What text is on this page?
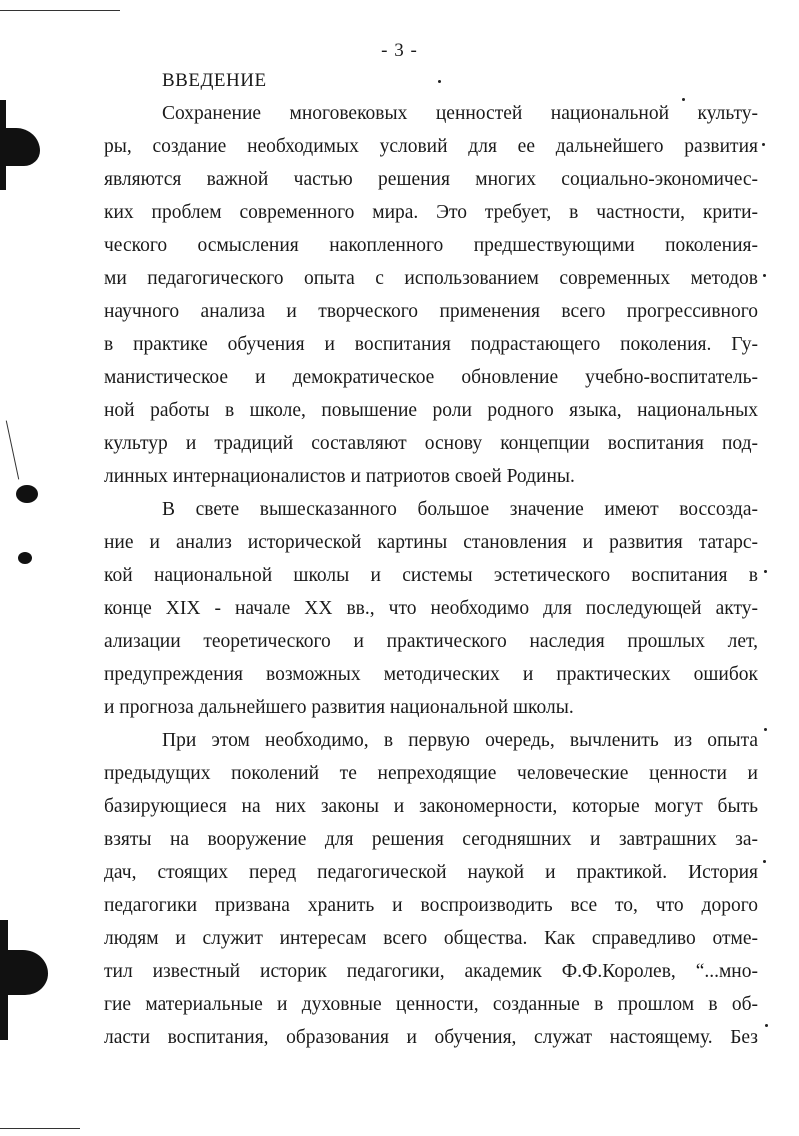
- 3 -
ВВЕДЕНИЕ
Сохранение многовековых ценностей национальной культу-
ры, создание необходимых условий для ее дальнейшего развития
являются важной частью решения многих социально-экономичес-
ких проблем современного мира. Это требует, в частности, крити-
ческого осмысления накопленного предшествующими поколения-
ми педагогического опыта с использованием современных методов
научного анализа и творческого применения всего прогрессивного
в практике обучения и воспитания подрастающего поколения. Гу-
манистическое и демократическое обновление учебно-воспитатель-
ной работы в школе, повышение роли родного языка, национальных
культур и традиций составляют основу концепции воспитания под-
линных интернационалистов и патриотов своей Родины.
В свете вышесказанного большое значение имеют воссозда-
ние и анализ исторической картины становления и развития татарс-
кой национальной школы и системы эстетического воспитания в
конце XIX - начале XX вв., что необходимо для последующей акту-
ализации теоретического и практического наследия прошлых лет,
предупреждения возможных методических и практических ошибок
и прогноза дальнейшего развития национальной школы.
При этом необходимо, в первую очередь, вычленить из опыта
предыдущих поколений те непреходящие человеческие ценности и
базирующиеся на них законы и закономерности, которые могут быть
взяты на вооружение для решения сегодняшних и завтрашних за-
дач, стоящих перед педагогической наукой и практикой. История
педагогики призвана хранить и воспроизводить все то, что дорого
людям и служит интересам всего общества. Как справедливо отме-
тил известный историк педагогики, академик Ф.Ф.Королев, “...мно-
гие материальные и духовные ценности, созданные в прошлом в об-
ласти воспитания, образования и обучения, служат настоящему. Без
